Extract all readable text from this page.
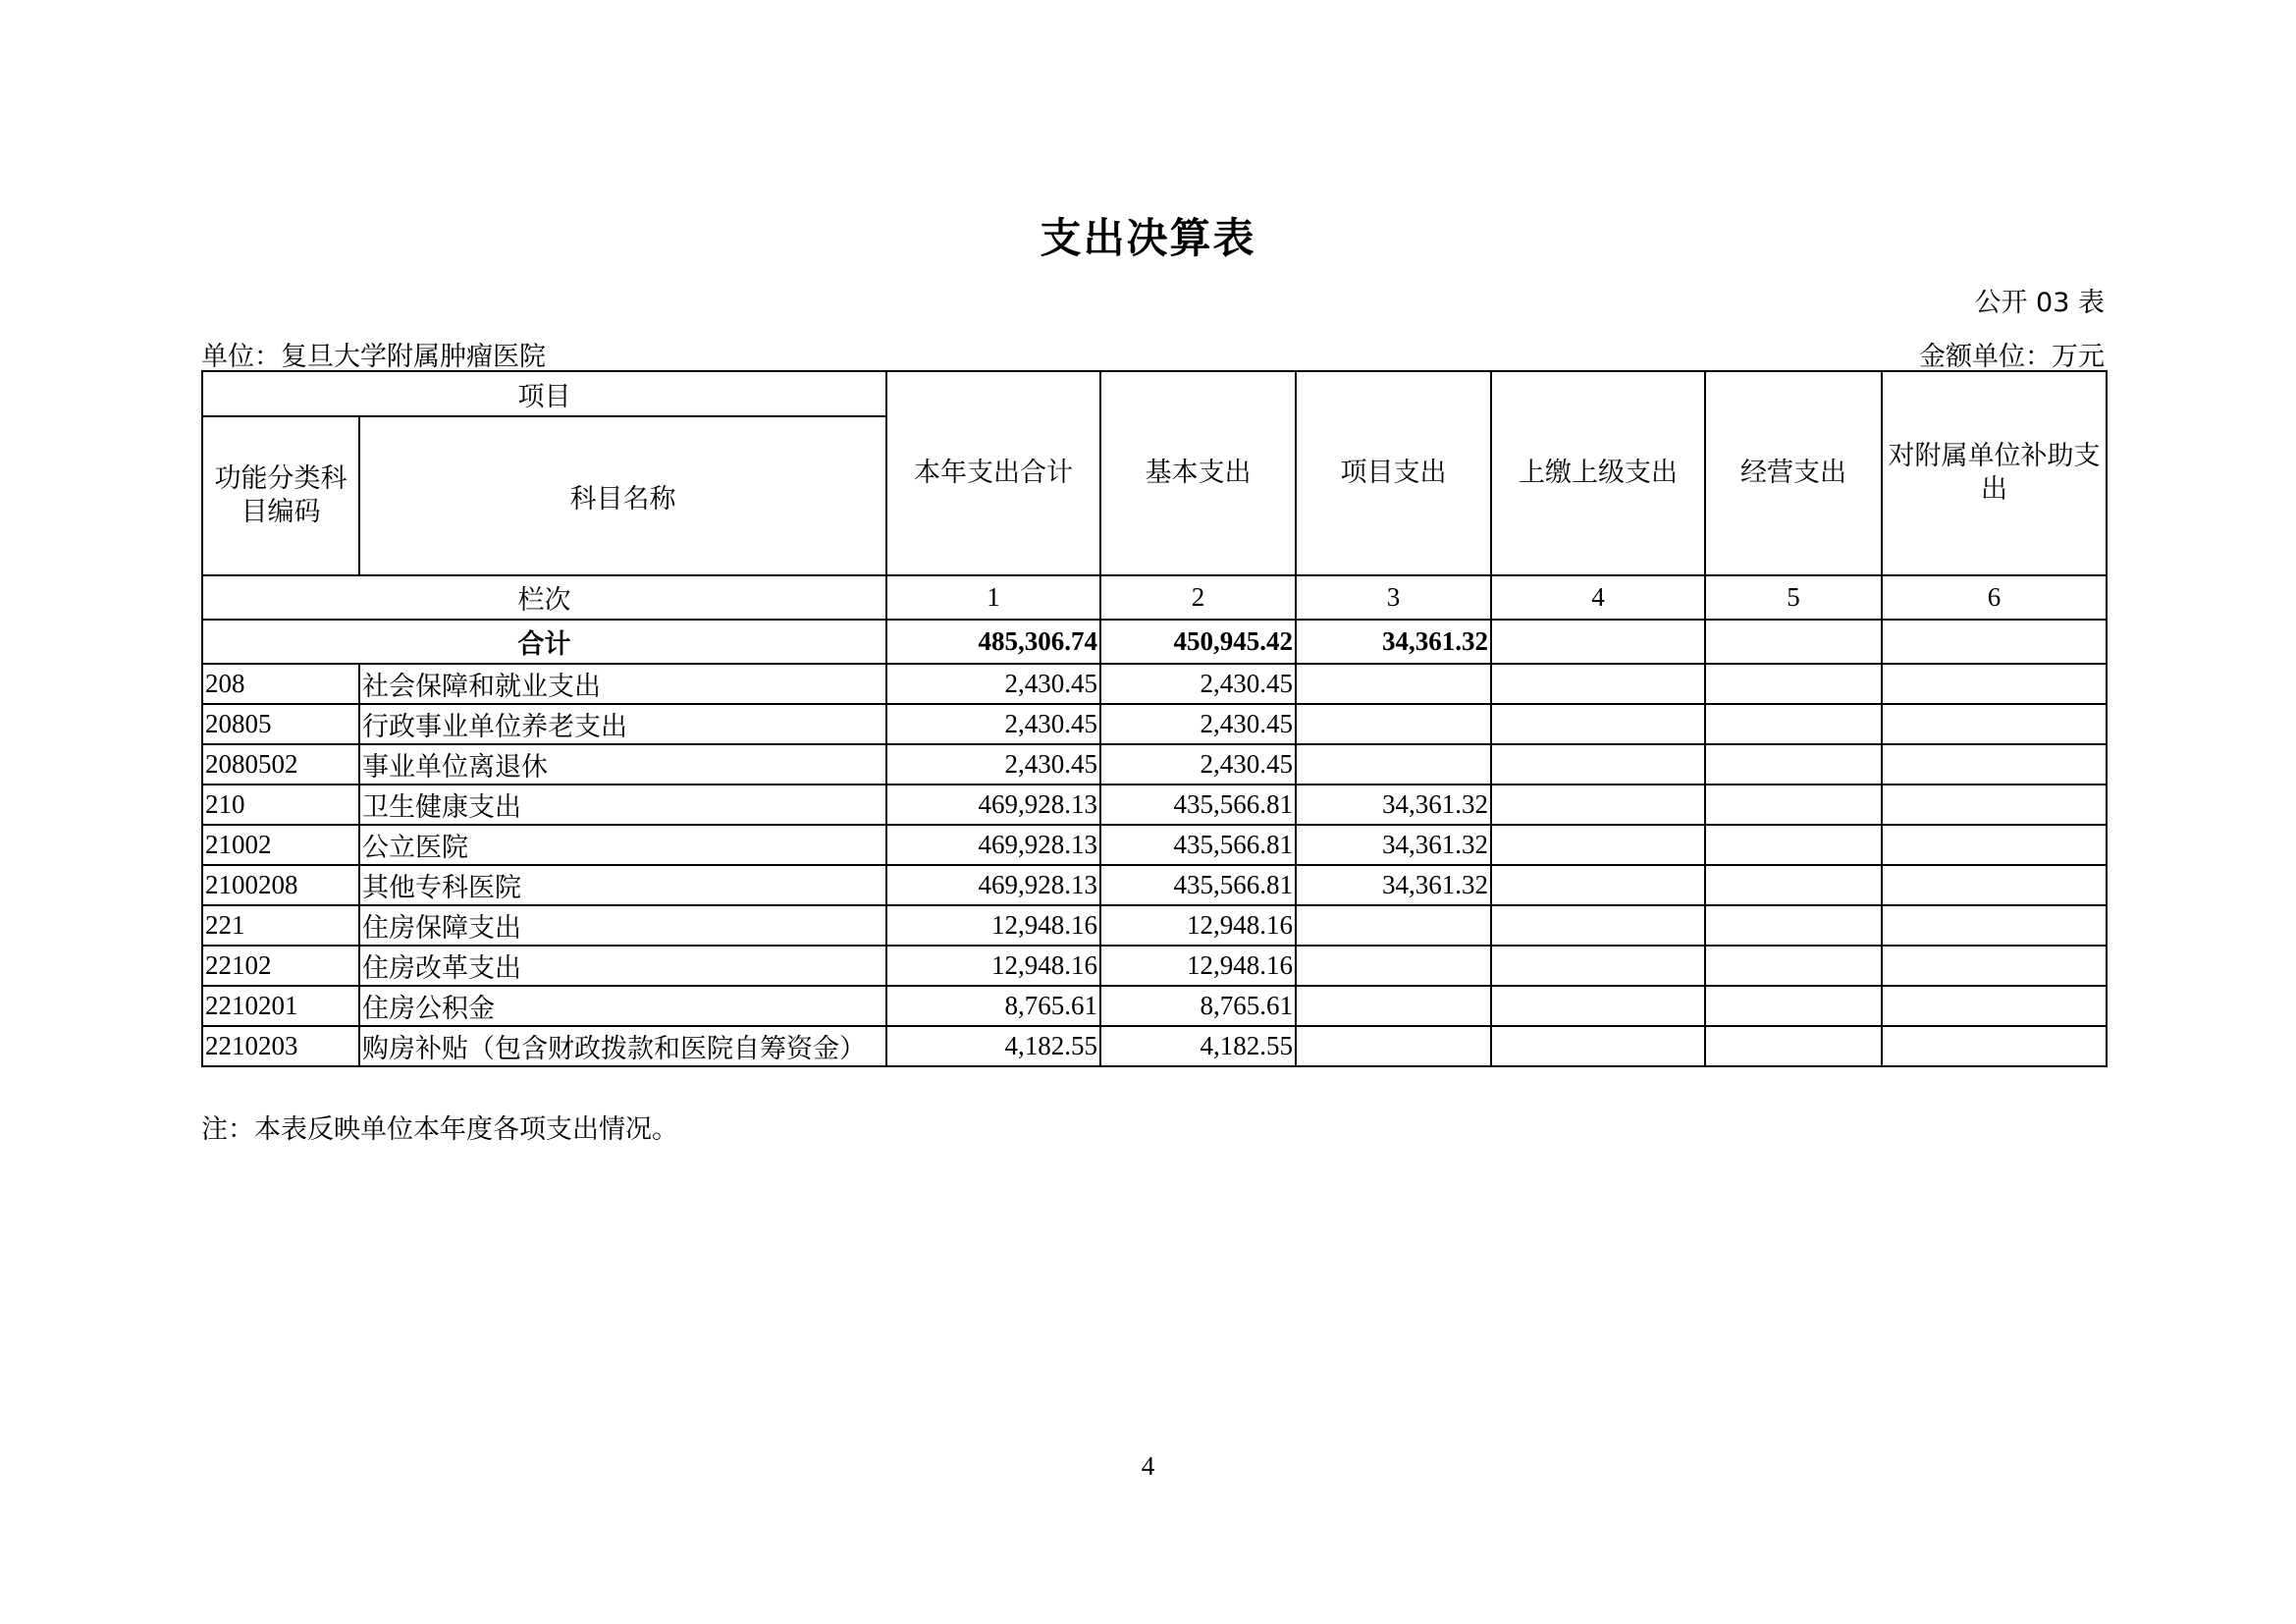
支出决算表
公开 03 表
单位：复旦大学附属肿瘤医院	金额单位：万元
项目		本年支出合计	基本支出	项目支出	上缴上级支出	经营支出	对附属单位补助支出
功能分类科目编码	科目名称						
栏次		1	2	3	4	5	6
合计		485,306.74	450,945.42	34,361.32			
208	社会保障和就业支出	2,430.45	2,430.45				
20805	行政事业单位养老支出	2,430.45	2,430.45				
2080502	事业单位离退休	2,430.45	2,430.45				
210	卫生健康支出	469,928.13	435,566.81	34,361.32			
21002	公立医院	469,928.13	435,566.81	34,361.32			
2100208	其他专科医院	469,928.13	435,566.81	34,361.32			
221	住房保障支出	12,948.16	12,948.16				
22102	住房改革支出	12,948.16	12,948.16				
2210201	住房公积金	8,765.61	8,765.61				
2210203	购房补贴（包含财政拨款和医院自筹资金）	4,182.55	4,182.55				
注：本表反映单位本年度各项支出情况。
4
